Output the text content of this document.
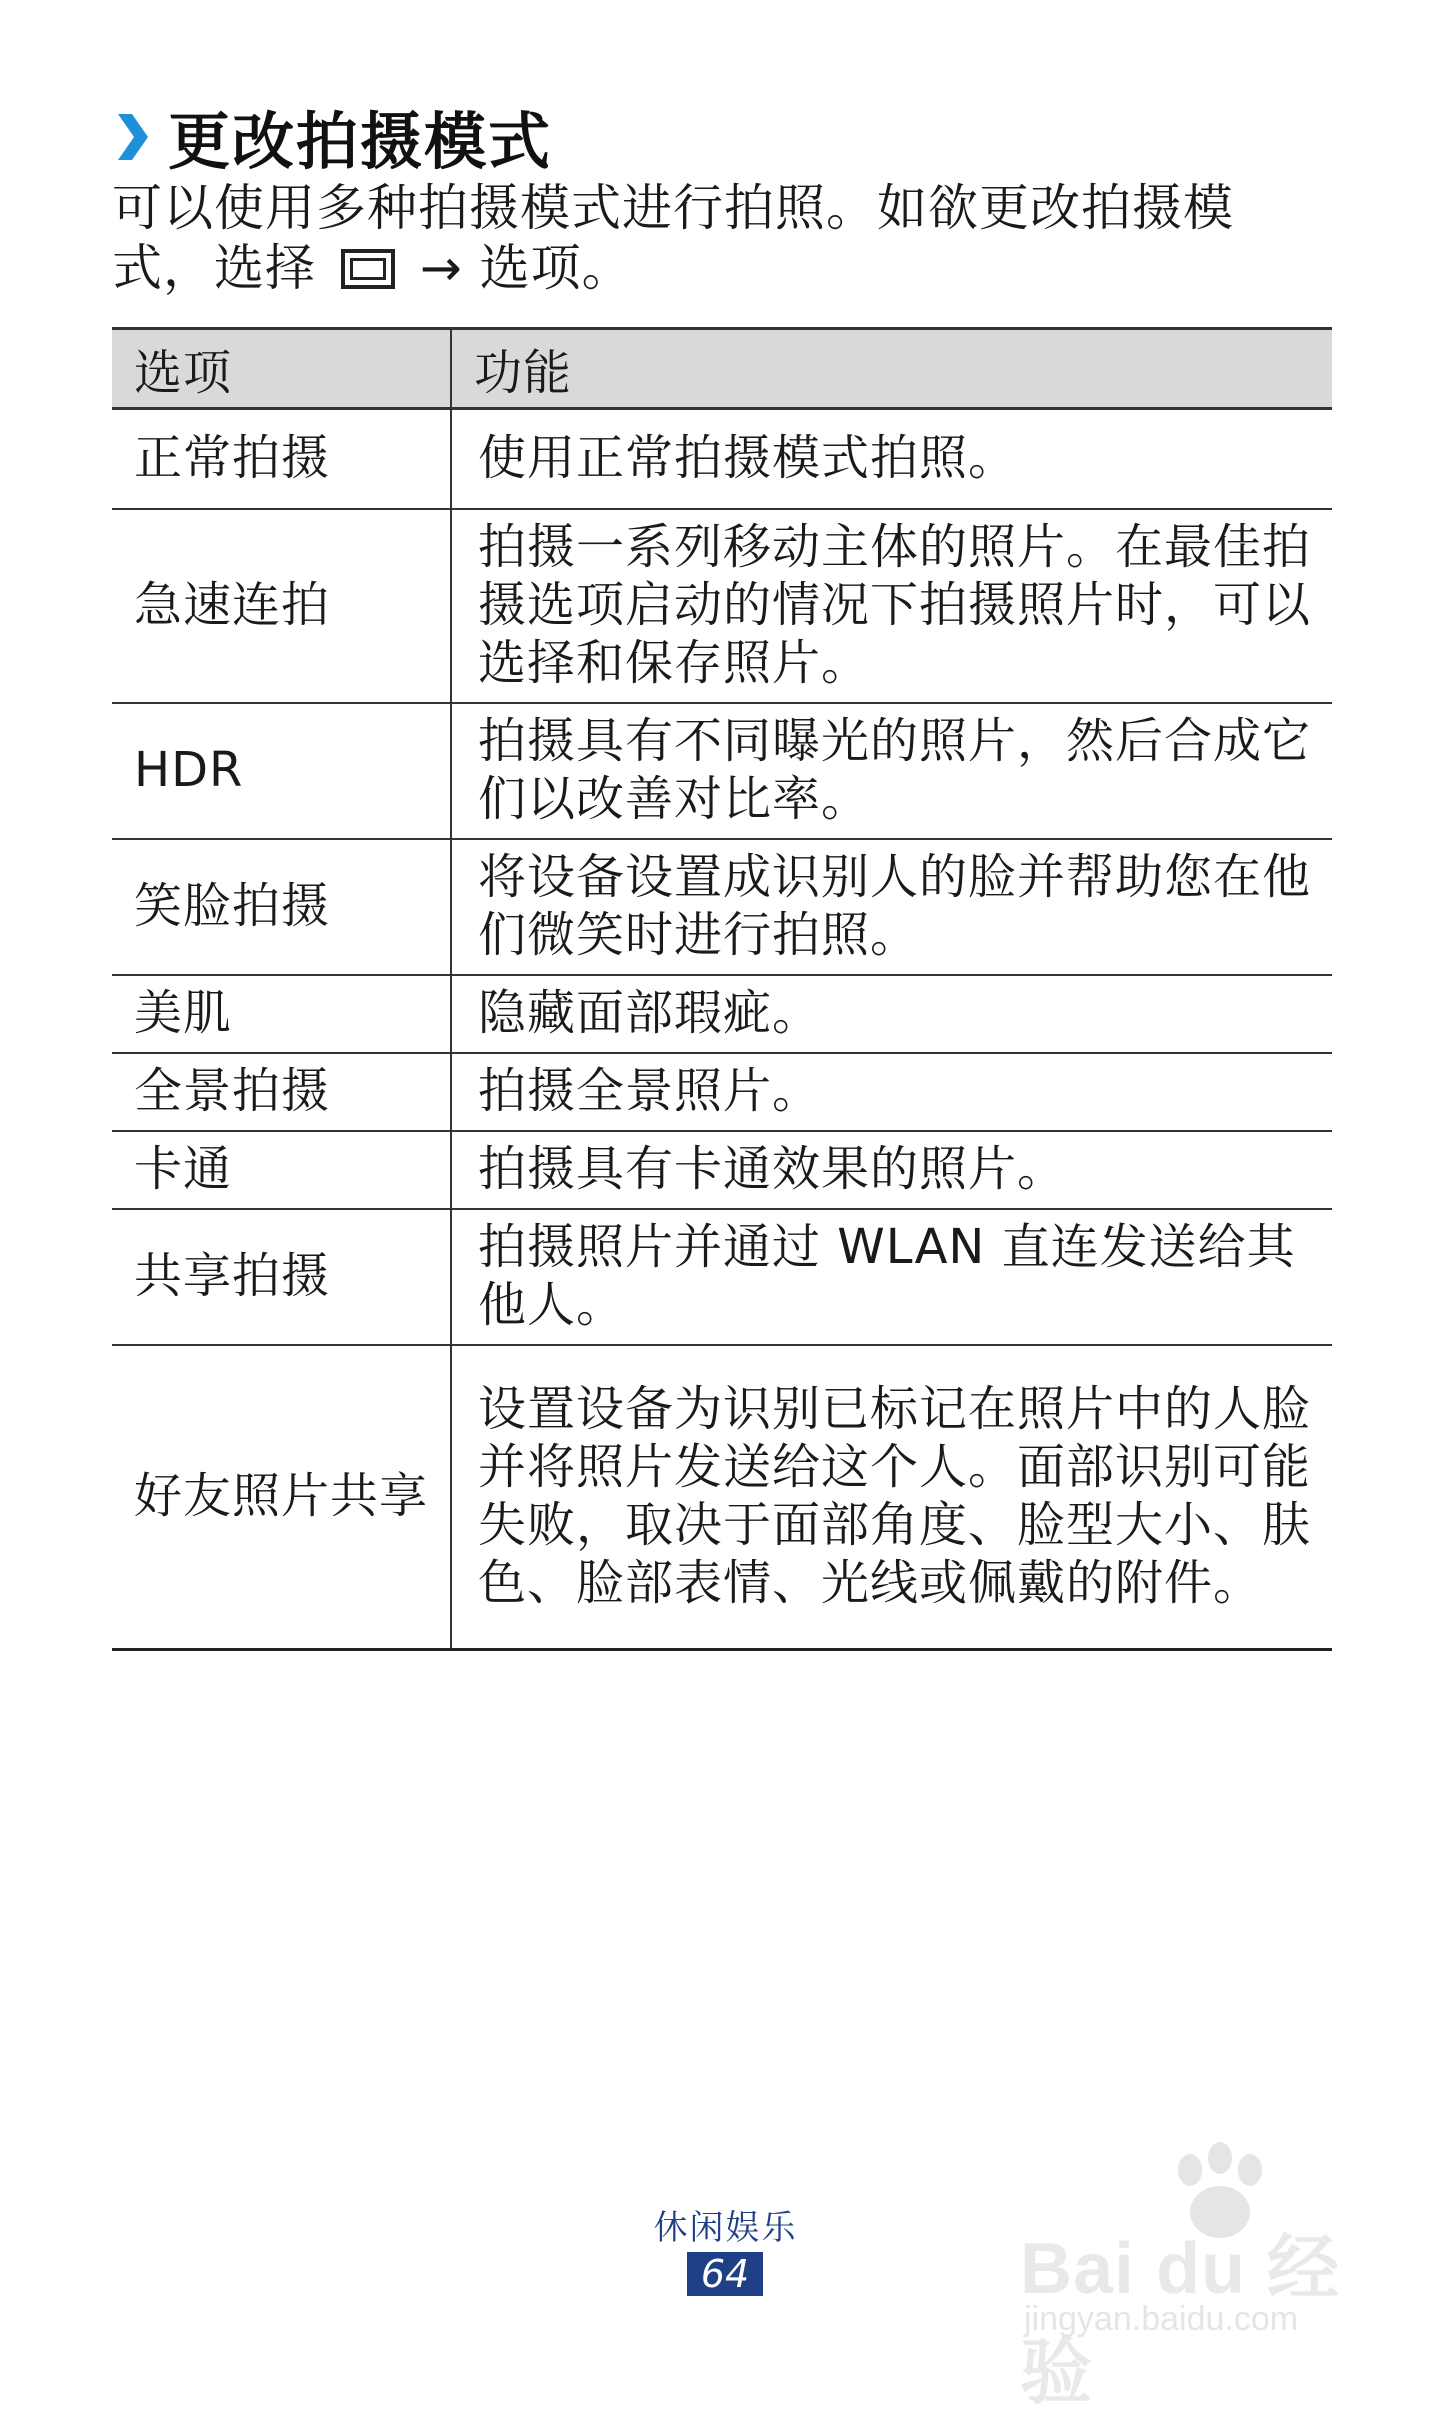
更改拍摄模式
可以使用多种拍摄模式进行拍照。如欲更改拍摄模
式，选择 → 选项。
选项	功能
正常拍摄	使用正常拍摄模式拍照。
急速连拍	拍摄一系列移动主体的照片。在最佳拍摄选项启动的情况下拍摄照片时，可以选择和保存照片。
HDR	拍摄具有不同曝光的照片，然后合成它们以改善对比率。
笑脸拍摄	将设备设置成识别人的脸并帮助您在他们微笑时进行拍照。
美肌	隐藏面部瑕疵。
全景拍摄	拍摄全景照片。
卡通	拍摄具有卡通效果的照片。
共享拍摄	拍摄照片并通过 WLAN 直连发送给其他人。
好友照片共享	设置设备为识别已标记在照片中的人脸并将照片发送给这个人。面部识别可能失败，取决于面部角度、脸型大小、肤色、脸部表情、光线或佩戴的附件。
休闲娱乐
64	Bai du 经验
jingyan.baidu.com
